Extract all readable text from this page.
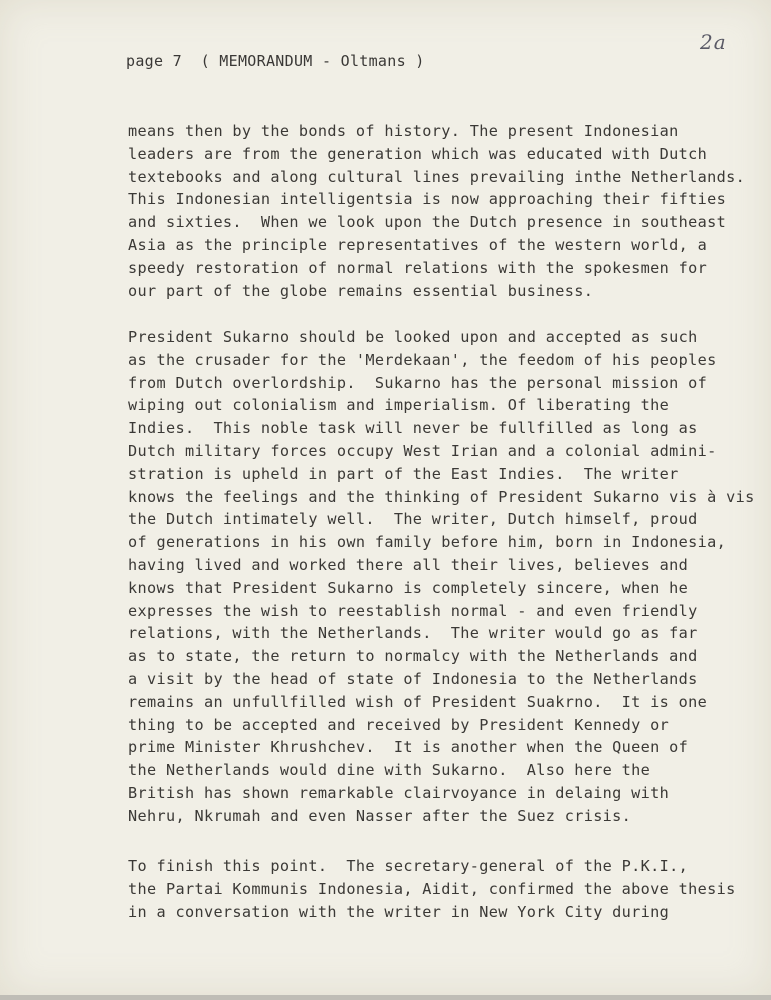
2a
page 7  ( MEMORANDUM - Oltmans )
means then by the bonds of history. The present Indonesian
leaders are from the generation which was educated with Dutch
textebooks and along cultural lines prevailing inthe Netherlands.
This Indonesian intelligentsia is now approaching their fifties
and sixties.  When we look upon the Dutch presence in southeast
Asia as the principle representatives of the western world, a
speedy restoration of normal relations with the spokesmen for
our part of the globe remains essential business.
President Sukarno should be looked upon and accepted as such
as the crusader for the 'Merdekaan', the feedom of his peoples
from Dutch overlordship.  Sukarno has the personal mission of
wiping out colonialism and imperialism. Of liberating the
Indies.  This noble task will never be fullfilled as long as
Dutch military forces occupy West Irian and a colonial admini-
stration is upheld in part of the East Indies.  The writer
knows the feelings and the thinking of President Sukarno vis à vis
the Dutch intimately well.  The writer, Dutch himself, proud
of generations in his own family before him, born in Indonesia,
having lived and worked there all their lives, believes and
knows that President Sukarno is completely sincere, when he
expresses the wish to reestablish normal - and even friendly
relations, with the Netherlands.  The writer would go as far
as to state, the return to normalcy with the Netherlands and
a visit by the head of state of Indonesia to the Netherlands
remains an unfullfilled wish of President Suakrno.  It is one
thing to be accepted and received by President Kennedy or
prime Minister Khrushchev.  It is another when the Queen of
the Netherlands would dine with Sukarno.  Also here the
British has shown remarkable clairvoyance in delaing with
Nehru, Nkrumah and even Nasser after the Suez crisis.
To finish this point.  The secretary-general of the P.K.I.,
the Partai Kommunis Indonesia, Aidit, confirmed the above thesis
in a conversation with the writer in New York City during
